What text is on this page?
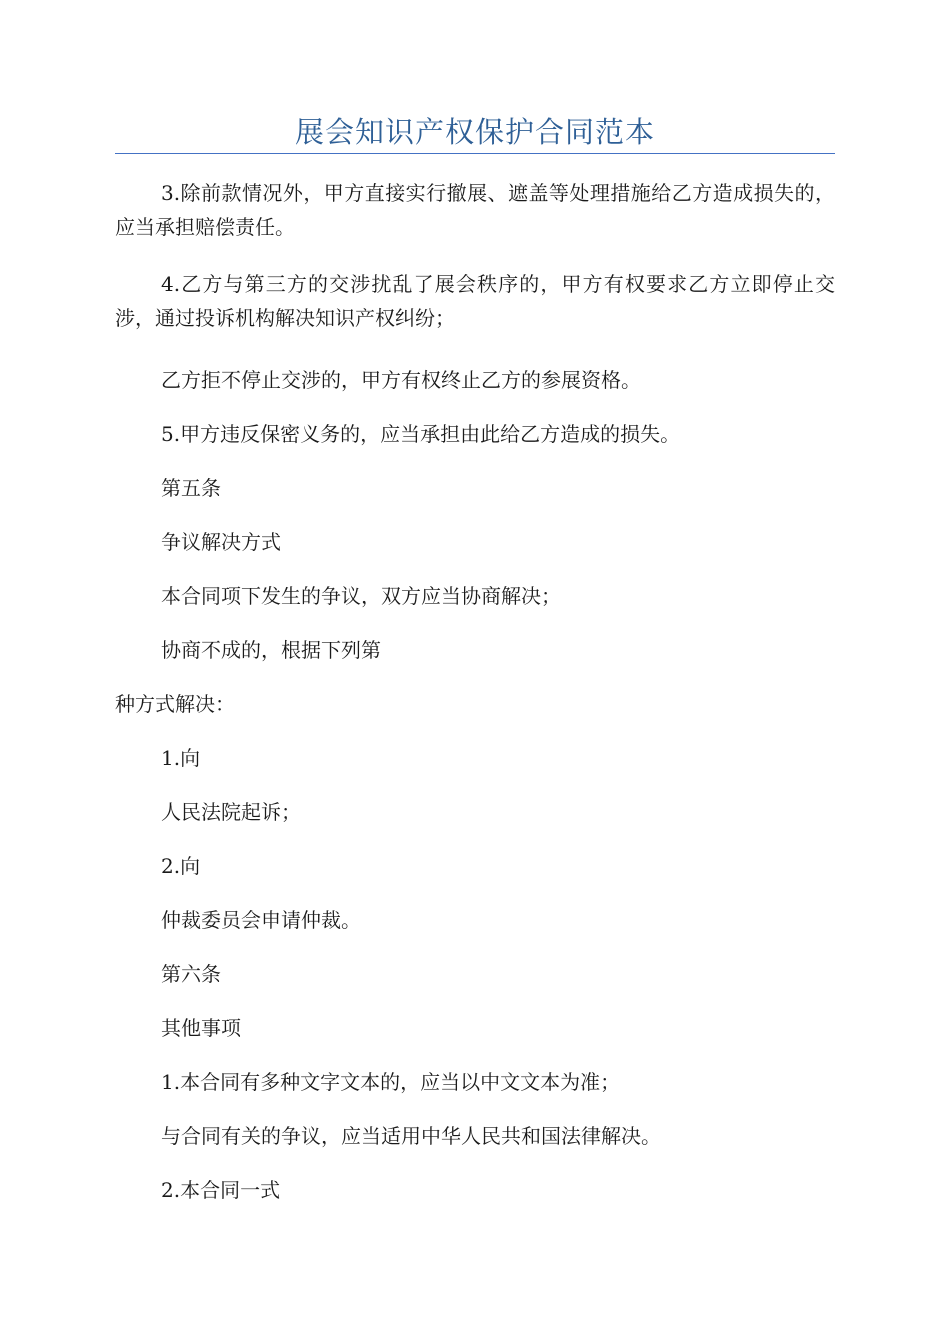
展会知识产权保护合同范本

3.除前款情况外，甲方直接实行撤展、遮盖等处理措施给乙方造成损失的，应当承担赔偿责任。

4.乙方与第三方的交涉扰乱了展会秩序的，甲方有权要求乙方立即停止交涉，通过投诉机构解决知识产权纠纷；

乙方拒不停止交涉的，甲方有权终止乙方的参展资格。

5.甲方违反保密义务的，应当承担由此给乙方造成的损失。

第五条

争议解决方式

本合同项下发生的争议，双方应当协商解决；

协商不成的，根据下列第

种方式解决：

1.向

人民法院起诉；

2.向

仲裁委员会申请仲裁。

第六条

其他事项

1.本合同有多种文字文本的，应当以中文文本为准；

与合同有关的争议，应当适用中华人民共和国法律解决。

2.本合同一式
